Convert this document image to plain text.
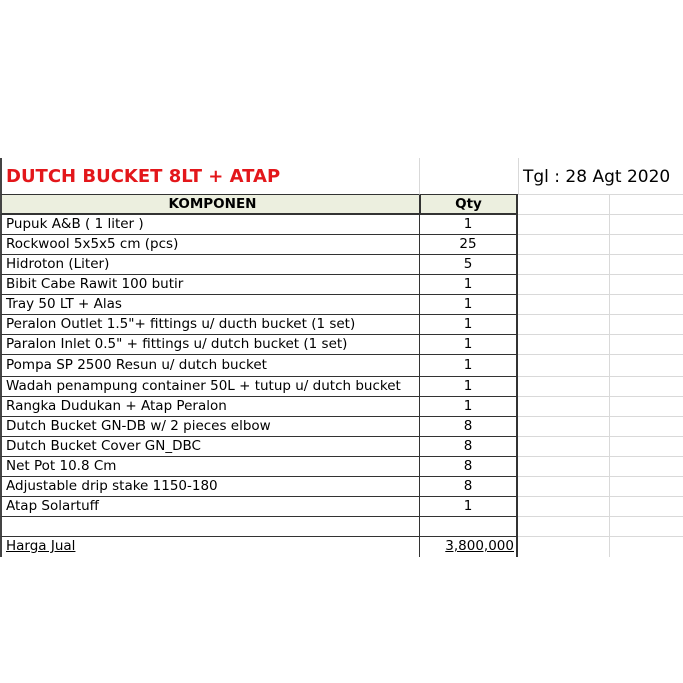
DUTCH BUCKET 8LT + ATAP	Tgl : 28 Agt 2020
KOMPONEN	Qty
Pupuk A&B ( 1 liter )	1
Rockwool 5x5x5 cm (pcs)	25
Hidroton (Liter)	5
Bibit Cabe Rawit 100 butir	1
Tray 50 LT + Alas	1
Peralon Outlet 1.5"+ fittings u/ ducth bucket (1 set)	1
Paralon Inlet 0.5" + fittings u/ dutch bucket (1 set)	1
Pompa SP 2500 Resun u/ dutch bucket	1
Wadah penampung container 50L + tutup u/ dutch bucket	1
Rangka Dudukan + Atap Peralon	1
Dutch Bucket GN-DB w/ 2 pieces elbow	8
Dutch Bucket Cover GN_DBC	8
Net Pot 10.8 Cm	8
Adjustable drip stake 1150-180	8
Atap Solartuff	1
Harga Jual	3,800,000
